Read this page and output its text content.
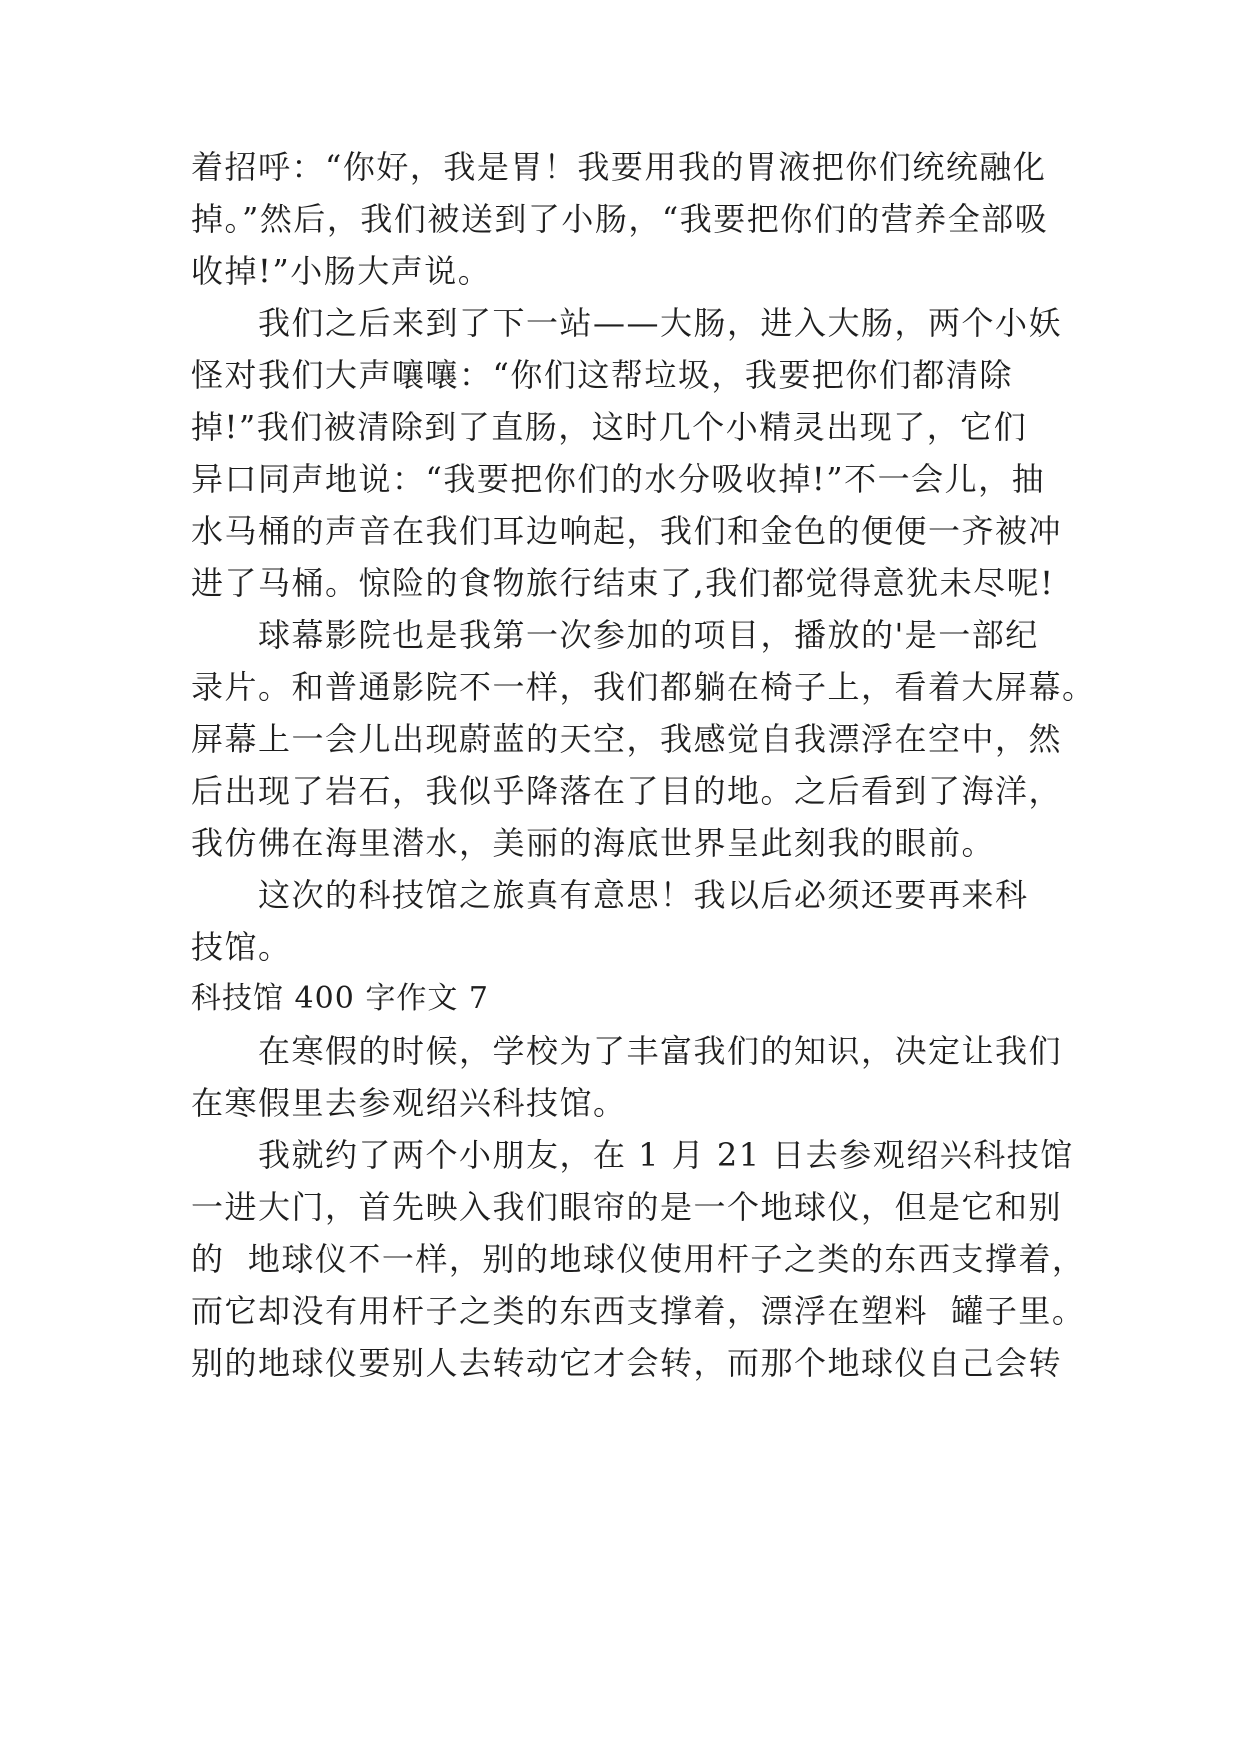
着招呼：“你好，我是胃！我要用我的胃液把你们统统融化
掉。”然后，我们被送到了小肠，“我要把你们的营养全部吸
收掉!”小肠大声说。
我们之后来到了下一站——大肠，进入大肠，两个小妖
怪对我们大声嚷嚷：“你们这帮垃圾，我要把你们都清除
掉!”我们被清除到了直肠，这时几个小精灵出现了，它们
异口同声地说：“我要把你们的水分吸收掉!”不一会儿，抽
水马桶的声音在我们耳边响起，我们和金色的便便一齐被冲
进了马桶。惊险的食物旅行结束了,我们都觉得意犹未尽呢!
球幕影院也是我第一次参加的项目，播放的'是一部纪
录片。和普通影院不一样，我们都躺在椅子上，看着大屏幕。
屏幕上一会儿出现蔚蓝的天空，我感觉自我漂浮在空中，然
后出现了岩石，我似乎降落在了目的地。之后看到了海洋，
我仿佛在海里潜水，美丽的海底世界呈此刻我的眼前。
这次的科技馆之旅真有意思！我以后必须还要再来科
技馆。
科技馆 400 字作文 7
在寒假的时候，学校为了丰富我们的知识，决定让我们
在寒假里去参观绍兴科技馆。
我就约了两个小朋友，在 1 月 21 日去参观绍兴科技馆
一进大门，首先映入我们眼帘的是一个地球仪，但是它和别
的  地球仪不一样，别的地球仪使用杆子之类的东西支撑着，
而它却没有用杆子之类的东西支撑着，漂浮在塑料  罐子里。
别的地球仪要别人去转动它才会转，而那个地球仪自己会转
